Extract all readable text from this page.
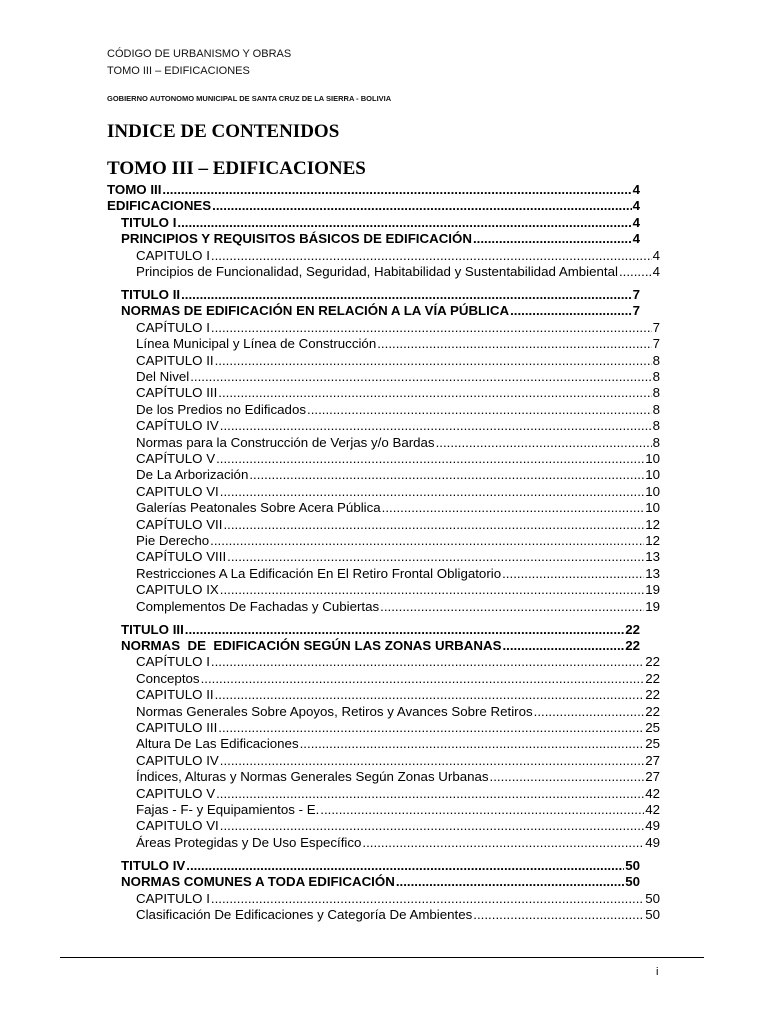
CÓDIGO DE URBANISMO Y OBRAS
TOMO III – EDIFICACIONES
GOBIERNO AUTONOMO MUNICIPAL DE SANTA CRUZ DE LA SIERRA - BOLIVIA
INDICE DE CONTENIDOS
TOMO III – EDIFICACIONES
TOMO III .....	4
EDIFICACIONES .....	4
TITULO I .....	4
PRINCIPIOS Y REQUISITOS BÁSICOS DE EDIFICACIÓN .....	4
CAPITULO I .....	4
Principios de Funcionalidad, Seguridad, Habitabilidad y Sustentabilidad Ambiental .....	4
TITULO II .....	7
NORMAS DE EDIFICACIÓN EN RELACIÓN A LA VÍA PÚBLICA .....	7
CAPÍTULO I .....	7
Línea Municipal y Línea de Construcción .....	7
CAPITULO II .....	8
Del Nivel .....	8
CAPÍTULO III .....	8
De los Predios no Edificados .....	8
CAPÍTULO IV .....	8
Normas para la Construcción de Verjas y/o Bardas .....	8
CAPÍTULO V .....	10
De La Arborización .....	10
CAPITULO VI .....	10
Galerías Peatonales Sobre Acera Pública .....	10
CAPÍTULO VII .....	12
Pie Derecho .....	12
CAPÍTULO VIII .....	13
Restricciones A La Edificación En El Retiro Frontal Obligatorio .....	13
CAPITULO IX .....	19
Complementos De Fachadas y Cubiertas .....	19
TITULO III .....	22
NORMAS  DE  EDIFICACIÓN SEGÚN LAS ZONAS URBANAS .....	22
CAPÍTULO I .....	22
Conceptos .....	22
CAPITULO II .....	22
Normas Generales Sobre Apoyos, Retiros y Avances Sobre Retiros .....	22
CAPITULO III .....	25
Altura De Las Edificaciones .....	25
CAPITULO IV .....	27
Índices, Alturas y Normas Generales Según Zonas Urbanas .....	27
CAPITULO V .....	42
Fajas - F- y Equipamientos - E. .....	42
CAPITULO VI .....	49
Áreas Protegidas y De Uso Específico .....	49
TITULO IV .....	50
NORMAS COMUNES A TODA EDIFICACIÓN .....	50
CAPITULO I .....	50
Clasificación De Edificaciones y Categoría De Ambientes .....	50
i
